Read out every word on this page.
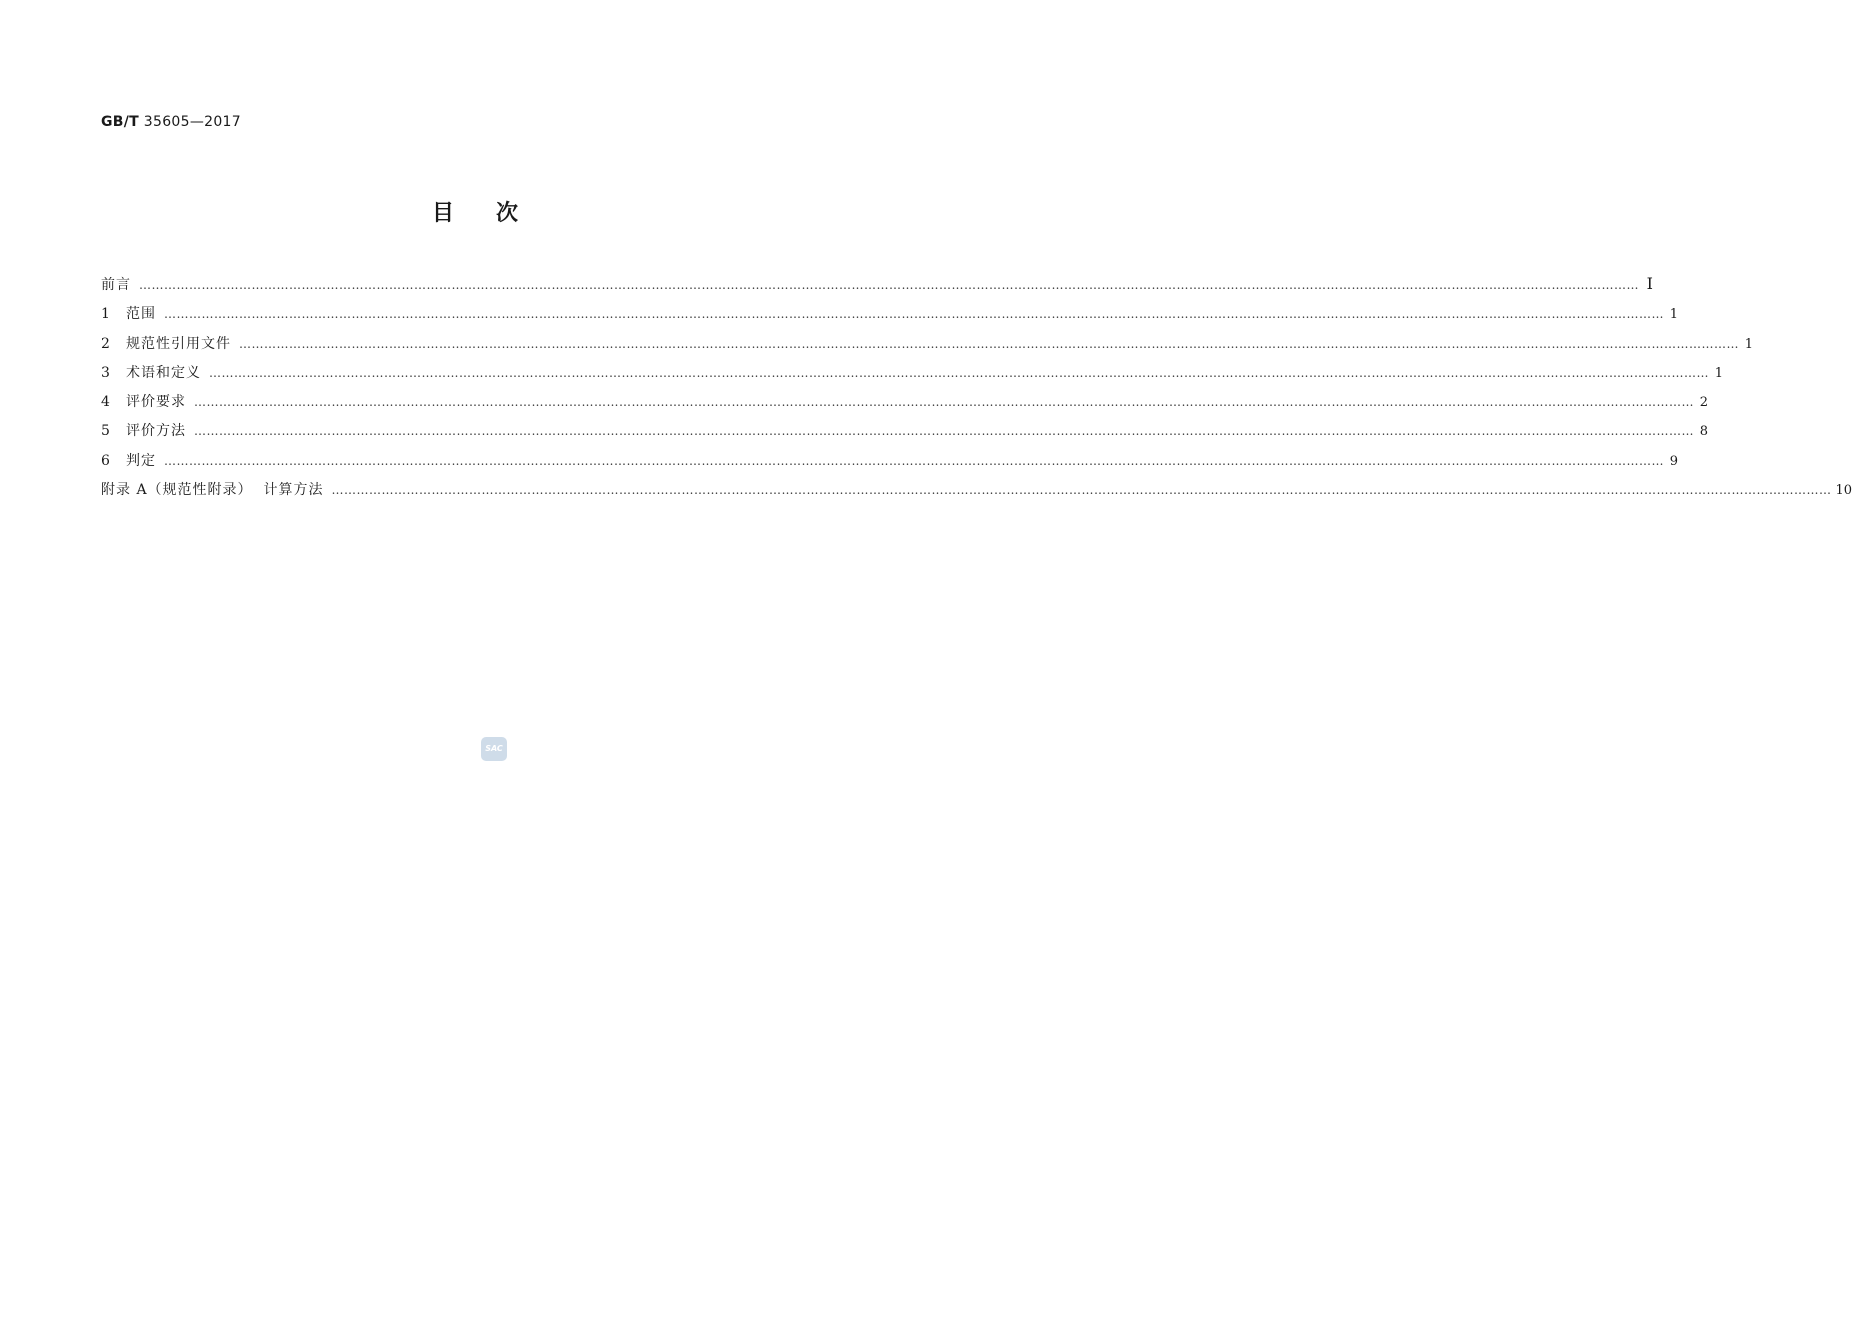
GB/T 35605—2017
目 次
前言 ……………………………………………………………………………………………………………………………………………………………………………………………………………………………………………………………………………………………………………………………… I
1	范围 ……………………………………………………………………………………………………………………………………………………………………………………………………………………………………………………………………………………………………………………………… 1
2	规范性引用文件 ……………………………………………………………………………………………………………………………………………………………………………………………………………………………………………………………………………………………………………………………… 1
3	术语和定义 ……………………………………………………………………………………………………………………………………………………………………………………………………………………………………………………………………………………………………………………………… 1
4	评价要求 ……………………………………………………………………………………………………………………………………………………………………………………………………………………………………………………………………………………………………………………………… 2
5	评价方法 ……………………………………………………………………………………………………………………………………………………………………………………………………………………………………………………………………………………………………………………………… 8
6	判定 ……………………………………………………………………………………………………………………………………………………………………………………………………………………………………………………………………………………………………………………………… 9
附录 A（规范性附录）  计算方法 ……………………………………………………………………………………………………………………………………………………………………………………………………………………………………………………………………………………………………………………………… 10
SAC
